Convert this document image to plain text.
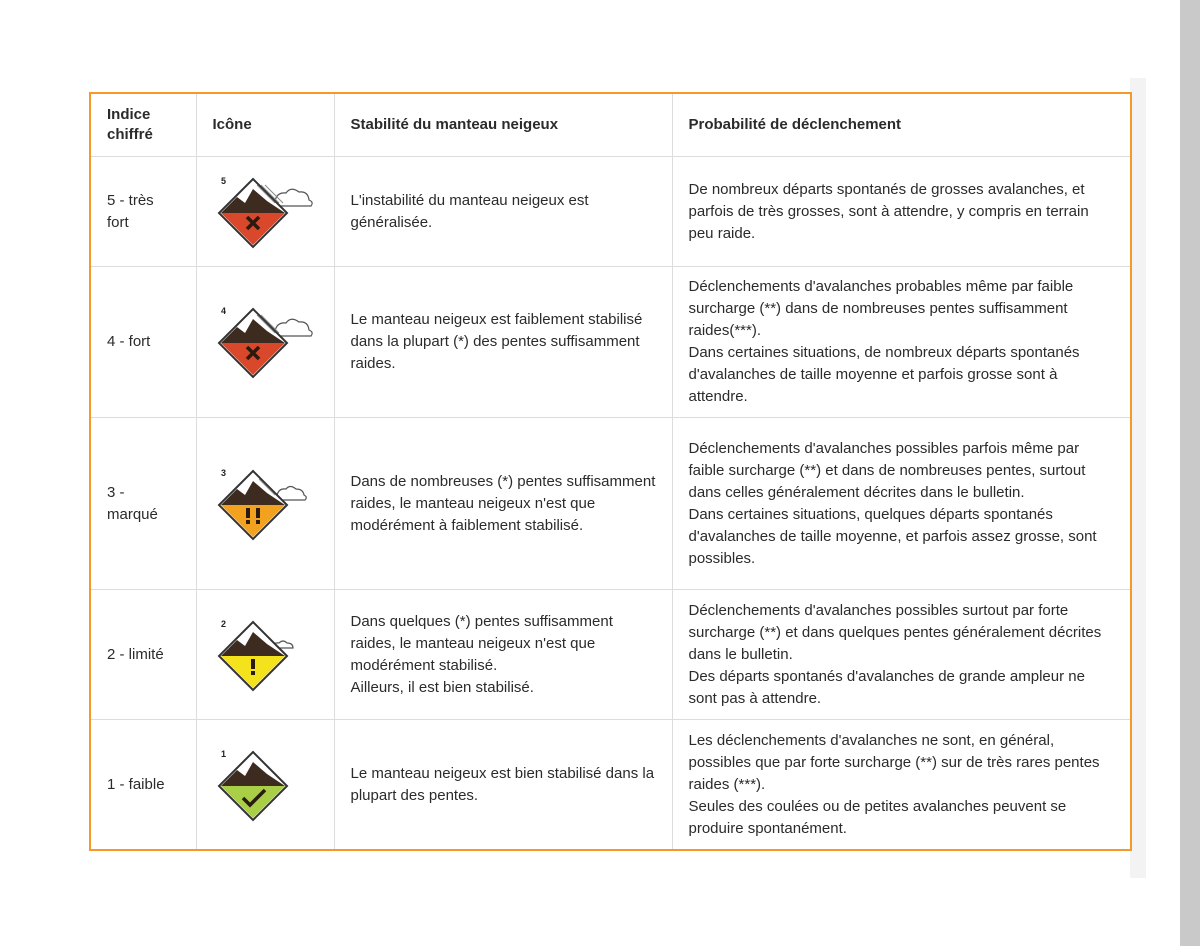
Indice chiffré	Icône	Stabilité du manteau neigeux	Probabilité de déclenchement
5 - très fort	5	L'instabilité du manteau neigeux est généralisée.	De nombreux départs spontanés de grosses avalanches, et parfois de très grosses, sont à attendre, y compris en terrain peu raide.
4 - fort	4	Le manteau neigeux est faiblement stabilisé dans la plupart (*) des pentes suffisamment raides.	Déclenchements d'avalanches probables même par faible surcharge (**) dans de nombreuses pentes suffisamment raides(***).
Dans certaines situations, de nombreux départs spontanés d'avalanches de taille moyenne et parfois grosse sont à attendre.
3 - marqué	3	Dans de nombreuses (*) pentes suffisamment raides, le manteau neigeux n'est que modérément à faiblement stabilisé.	Déclenchements d'avalanches possibles parfois même par faible surcharge (**) et dans de nombreuses pentes, surtout dans celles généralement décrites dans le bulletin.
Dans certaines situations, quelques départs spontanés d'avalanches de taille moyenne, et parfois assez grosse, sont possibles.
2 - limité	2	Dans quelques (*) pentes suffisamment raides, le manteau neigeux n'est que modérément stabilisé.
Ailleurs, il est bien stabilisé.	Déclenchements d'avalanches possibles surtout par forte surcharge (**) et dans quelques pentes généralement décrites dans le bulletin.
Des départs spontanés d'avalanches de grande ampleur ne sont pas à attendre.
1 - faible	1	Le manteau neigeux est bien stabilisé dans la plupart des pentes.	Les déclenchements d'avalanches ne sont, en général, possibles que par forte surcharge (**) sur de très rares pentes raides (***).
Seules des coulées ou de petites avalanches peuvent se produire spontanément.
